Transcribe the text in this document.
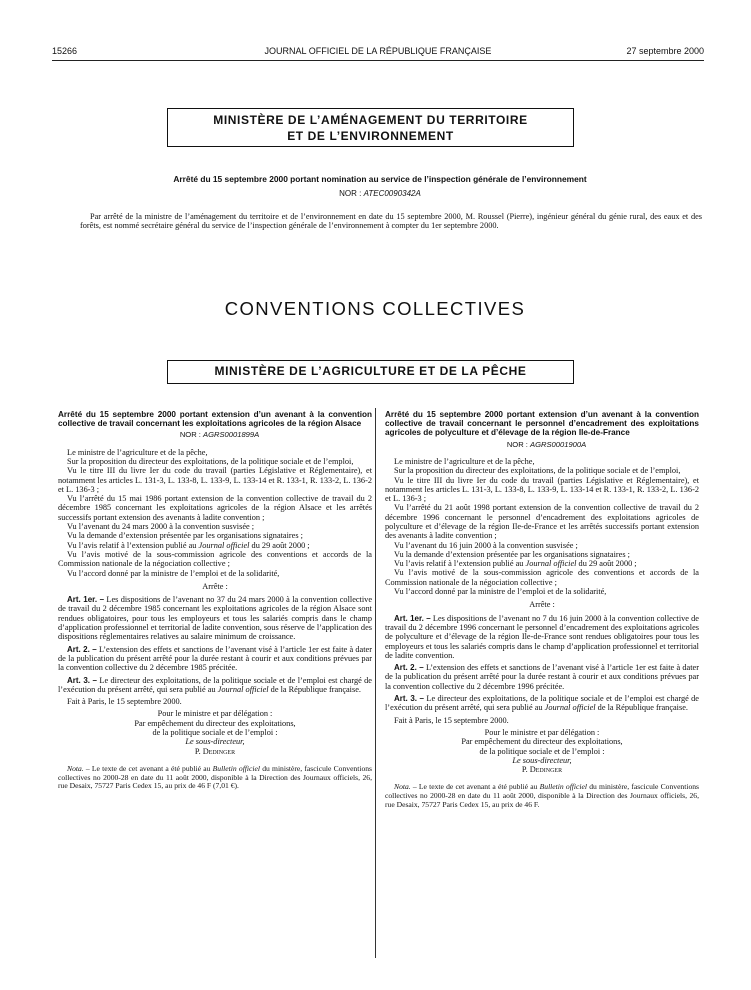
15266	JOURNAL OFFICIEL DE LA RÉPUBLIQUE FRANÇAISE	27 septembre 2000
MINISTÈRE DE L’AMÉNAGEMENT DU TERRITOIRE
ET DE L’ENVIRONNEMENT
Arrêté du 15 septembre 2000 portant nomination au service de l’inspection générale de l’environnement
NOR : ATEC0090342A

Par arrêté de la ministre de l’aménagement du territoire et de l’environnement en date du 15 septembre 2000, M. Roussel (Pierre), ingénieur général du génie rural, des eaux et des forêts, est nommé secrétaire général du service de l’inspection générale de l’environnement à compter du 1er septembre 2000.

CONVENTIONS COLLECTIVES
MINISTÈRE DE L’AGRICULTURE ET DE LA PÊCHE

Arrêté du 15 septembre 2000 portant extension d’un avenant à la convention collective de travail concernant les exploitations agricoles de la région Alsace

NOR : AGRS0001899A

Le ministre de l’agriculture et de la pêche,

Sur la proposition du directeur des exploitations, de la politique sociale et de l’emploi,

Vu le titre III du livre Ier du code du travail (parties Législative et Réglementaire), et notamment les articles L. 131-3, L. 133-8, L. 133-9, L. 133-14 et R. 133-1, R. 133-2, L. 136-2 et L. 136-3 ;

Vu l’arrêté du 15 mai 1986 portant extension de la convention collective de travail du 2 décembre 1985 concernant les exploitations agricoles de la région Alsace et les arrêtés successifs portant extension des avenants à ladite convention ;

Vu l’avenant du 24 mars 2000 à la convention susvisée ;

Vu la demande d’extension présentée par les organisations signataires ;

Vu l’avis relatif à l’extension publié au Journal officiel du 29 août 2000 ;

Vu l’avis motivé de la sous-commission agricole des conventions et accords de la Commission nationale de la négociation collective ;

Vu l’accord donné par la ministre de l’emploi et de la solidarité,

Arrête :

Art. 1er. – Les dispositions de l’avenant no 37 du 24 mars 2000 à la convention collective de travail du 2 décembre 1985 concernant les exploitations agricoles de la région Alsace sont rendues obligatoires, pour tous les employeurs et tous les salariés compris dans le champ d’application professionnel et territorial de ladite convention, sous réserve de l’application des dispositions réglementaires relatives au salaire minimum de croissance.

Art. 2. – L’extension des effets et sanctions de l’avenant visé à l’article 1er est faite à dater de la publication du présent arrêté pour la durée restant à courir et aux conditions prévues par la convention collective du 2 décembre 1985 précitée.

Art. 3. – Le directeur des exploitations, de la politique sociale et de l’emploi est chargé de l’exécution du présent arrêté, qui sera publié au Journal officiel de la République française.

Fait à Paris, le 15 septembre 2000.

Pour le ministre et par délégation :
Par empêchement du directeur des exploitations,
de la politique sociale et de l’emploi :
Le sous-directeur,
P. Dedinger

Nota. – Le texte de cet avenant a été publié au Bulletin officiel du ministère, fascicule Conventions collectives no 2000-28 en date du 11 août 2000, disponible à la Direction des Journaux officiels, 26, rue Desaix, 75727 Paris Cedex 15, au prix de 46 F (7,01 €).

Arrêté du 15 septembre 2000 portant extension d’un avenant à la convention collective de travail concernant le personnel d’encadrement des exploitations agricoles de polyculture et d’élevage de la région Ile-de-France

NOR : AGRS0001900A

Le ministre de l’agriculture et de la pêche,

Sur la proposition du directeur des exploitations, de la politique sociale et de l’emploi,

Vu le titre III du livre Ier du code du travail (parties Législative et Réglementaire), et notamment les articles L. 131-3, L. 133-8, L. 133-9, L. 133-14 et R. 133-1, R. 133-2, L. 136-2 et L. 136-3 ;

Vu l’arrêté du 21 août 1998 portant extension de la convention collective de travail du 2 décembre 1996 concernant le personnel d’encadrement des exploitations agricoles de polyculture et d’élevage de la région Ile-de-France et les arrêtés successifs portant extension des avenants à ladite convention ;

Vu l’avenant du 16 juin 2000 à la convention susvisée ;

Vu la demande d’extension présentée par les organisations signataires ;

Vu l’avis relatif à l’extension publié au Journal officiel du 29 août 2000 ;

Vu l’avis motivé de la sous-commission agricole des conventions et accords de la Commission nationale de la négociation collective ;

Vu l’accord donné par la ministre de l’emploi et de la solidarité,

Arrête :

Art. 1er. – Les dispositions de l’avenant no 7 du 16 juin 2000 à la convention collective de travail du 2 décembre 1996 concernant le personnel d’encadrement des exploitations agricoles de polyculture et d’élevage de la région Ile-de-France sont rendues obligatoires pour tous les employeurs et tous les salariés compris dans le champ d’application professionnel et territorial de ladite convention.

Art. 2. – L’extension des effets et sanctions de l’avenant visé à l’article 1er est faite à dater de la publication du présent arrêté pour la durée restant à courir et aux conditions prévues par la convention collective du 2 décembre 1996 précitée.

Art. 3. – Le directeur des exploitations, de la politique sociale et de l’emploi est chargé de l’exécution du présent arrêté, qui sera publié au Journal officiel de la République française.

Fait à Paris, le 15 septembre 2000.

Pour le ministre et par délégation :
Par empêchement du directeur des exploitations,
de la politique sociale et de l’emploi :
Le sous-directeur,
P. Dedinger

Nota. – Le texte de cet avenant a été publié au Bulletin officiel du ministère, fascicule Conventions collectives no 2000-28 en date du 11 août 2000, disponible à la Direction des Journaux officiels, 26, rue Desaix, 75727 Paris Cedex 15, au prix de 46 F.
